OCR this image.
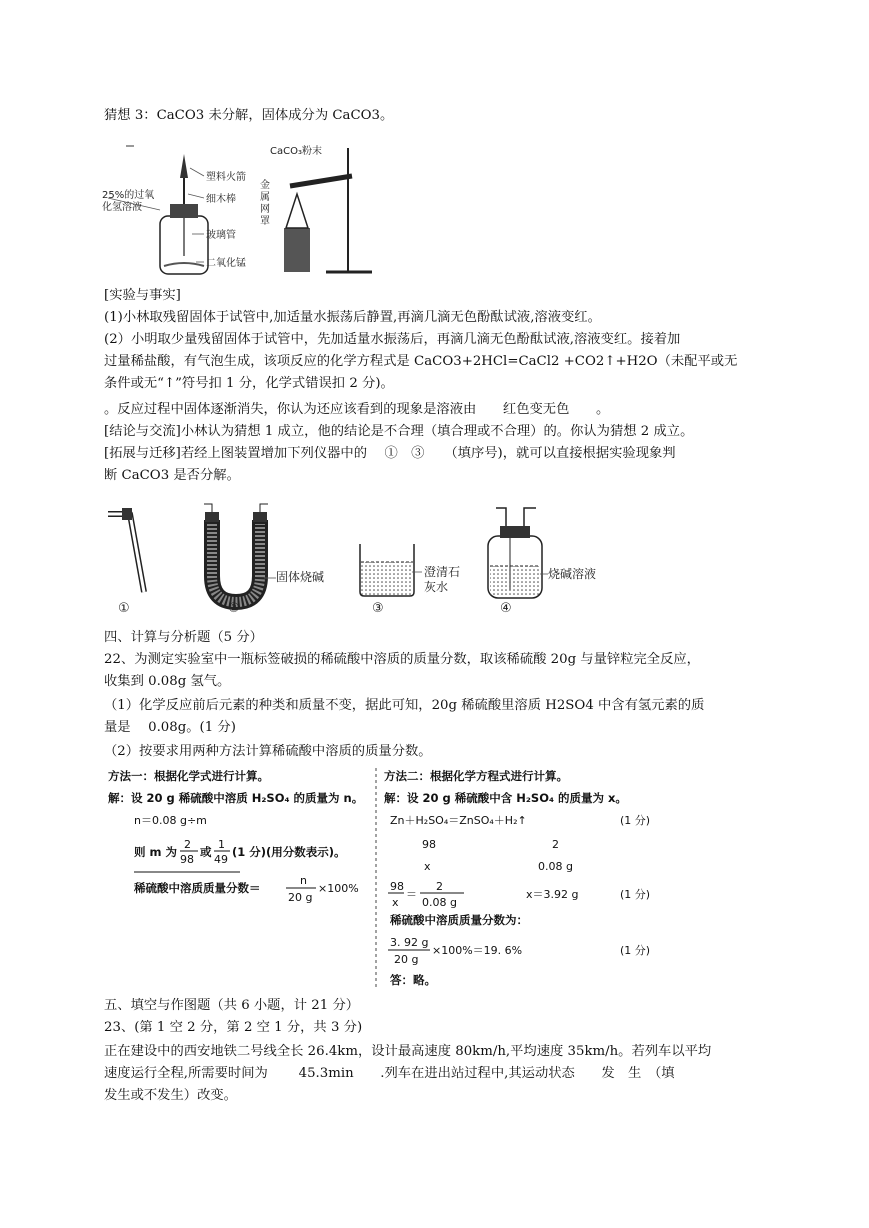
猜想 3：CaCO3 未分解，固体成分为 CaCO3。
25%的过氧
化氢溶液
塑料火箭
细木棒
玻璃管
二氧化锰
CaCO₃粉末
金
属
网
罩
[实验与事实]
(1)小林取残留固体于试管中,加适量水振荡后静置,再滴几滴无色酚酞试液,溶液变红。
(2）小明取少量残留固体于试管中，先加适量水振荡后，再滴几滴无色酚酞试液,溶液变红。接着加
过量稀盐酸，有气泡生成，该项反应的化学方程式是 CaCO3+2HCl=CaCl2 +CO2↑+H2O（未配平或无
条件或无“↑”符号扣 1 分，化学式错误扣 2 分)。
。反应过程中固体逐渐消失，你认为还应该看到的现象是溶液由　　红色变无色　　。
[结论与交流]小林认为猜想 1 成立，他的结论是不合理（填合理或不合理）的。你认为猜想 2 成立。
[拓展与迁移]若经上图装置增加下列仪器中的　 ①　③　　（填序号)，就可以直接根据实验现象判
断 CaCO3 是否分解。
固体烧碱	澄清石
灰水
烧碱溶液
①	②	③	④
四、计算与分析题（5 分）
22、为测定实验室中一瓶标签破损的稀硫酸中溶质的质量分数，取该稀硫酸 20g 与量锌粒完全反应，
收集到 0.08g 氢气。
（1）化学反应前后元素的种类和质量不变，据此可知，20g 稀硫酸里溶质 H2SO4 中含有氢元素的质
量是　 0.08g。(1 分)
（2）按要求用两种方法计算稀硫酸中溶质的质量分数。
方法一：根据化学式进行计算。
解：设 20 g 稀硫酸中溶质 H₂SO₄ 的质量为 n。
n＝0.08 g÷m
则 m 为
2
98
或
1
49
(1 分)(用分数表示)。
稀硫酸中溶质质量分数＝
n
20 g
×100%
方法二：根据化学方程式进行计算。
解：设 20 g 稀硫酸中含 H₂SO₄ 的质量为 x。
Zn＋H₂SO₄＝ZnSO₄＋H₂↑	(1 分)
98	2
x	0.08 g
98
x
＝
2
0.08 g
x＝3.92 g	(1 分)
稀硫酸中溶质质量分数为：
3. 92 g
20 g
×100%＝19. 6%	(1 分)
答：略。
五、填空与作图题（共 6 小题，计 21 分）
23、(第 1 空 2 分，第 2 空 1 分，共 3 分)
正在建设中的西安地铁二号线全长 26.4km，设计最高速度 80km/h,平均速度 35km/h。若列车以平均
速度运行全程,所需要时间为　　 45.3min　　.列车在进出站过程中,其运动状态　　发　生　（填
发生或不发生）改变。
